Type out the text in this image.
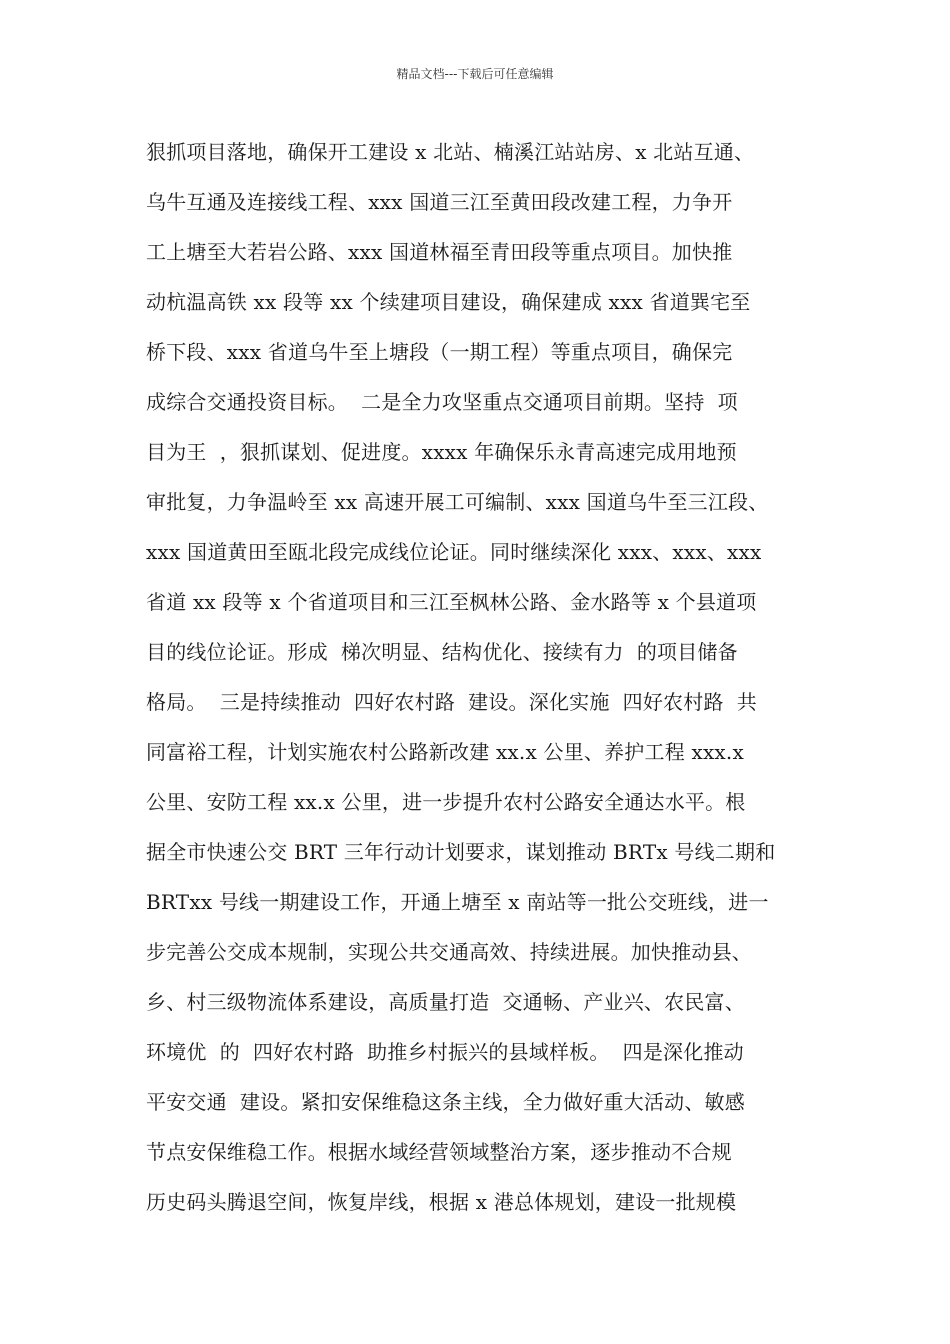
精品文档---下载后可任意编辑
狠抓项目落地，确保开工建设 x 北站、楠溪江站站房、x 北站互通、
乌牛互通及连接线工程、xxx 国道三江至黄田段改建工程，力争开
工上塘至大若岩公路、xxx 国道林福至青田段等重点项目。加快推
动杭温高铁 xx 段等 xx 个续建项目建设，确保建成 xxx 省道巽宅至
桥下段、xxx 省道乌牛至上塘段（一期工程）等重点项目，确保完
成综合交通投资目标。  二是全力攻坚重点交通项目前期。坚持  项
目为王  ，狠抓谋划、促进度。xxxx 年确保乐永青高速完成用地预
审批复，力争温岭至 xx 高速开展工可编制、xxx 国道乌牛至三江段、
xxx 国道黄田至瓯北段完成线位论证。同时继续深化 xxx、xxx、xxx
省道 xx 段等 x 个省道项目和三江至枫林公路、金水路等 x 个县道项
目的线位论证。形成  梯次明显、结构优化、接续有力  的项目储备
格局。  三是持续推动  四好农村路  建设。深化实施  四好农村路  共
同富裕工程，计划实施农村公路新改建 xx.x 公里、养护工程 xxx.x
公里、安防工程 xx.x 公里，进一步提升农村公路安全通达水平。根
据全市快速公交 BRT 三年行动计划要求，谋划推动 BRTx 号线二期和
BRTxx 号线一期建设工作，开通上塘至 x 南站等一批公交班线，进一
步完善公交成本规制，实现公共交通高效、持续进展。加快推动县、
乡、村三级物流体系建设，高质量打造  交通畅、产业兴、农民富、
环境优  的  四好农村路  助推乡村振兴的县域样板。  四是深化推动
平安交通  建设。紧扣安保维稳这条主线，全力做好重大活动、敏感
节点安保维稳工作。根据水域经营领域整治方案，逐步推动不合规
历史码头腾退空间，恢复岸线，根据 x 港总体规划，建设一批规模
